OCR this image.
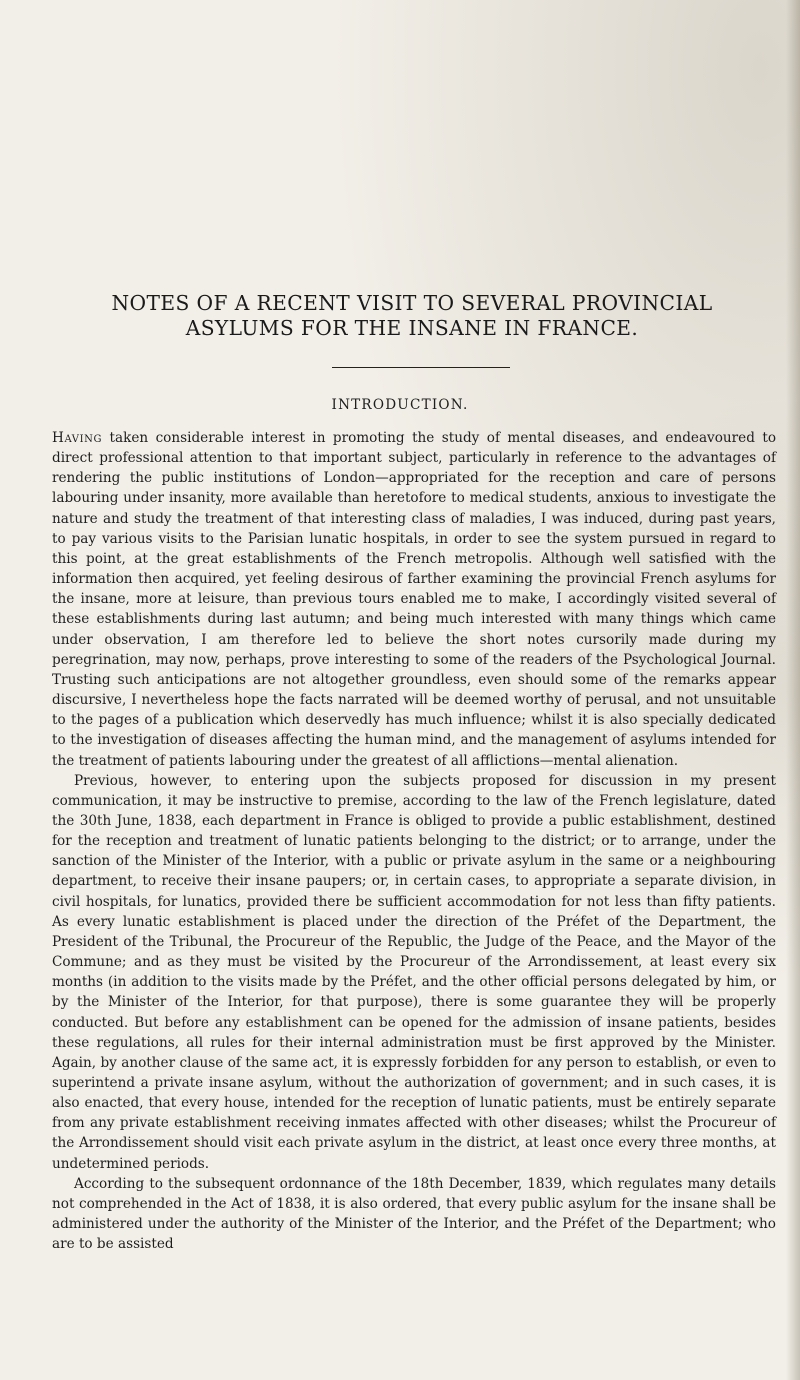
NOTES OF A RECENT VISIT TO SEVERAL PROVINCIAL
ASYLUMS FOR THE INSANE IN FRANCE.
INTRODUCTION.

Having taken considerable interest in promoting the study of mental diseases, and endeavoured to direct professional attention to that important subject, particularly in reference to the advantages of rendering the public institutions of London—appropriated for the reception and care of persons labouring under insanity, more available than heretofore to medical students, anxious to investigate the nature and study the treatment of that interesting class of maladies, I was induced, during past years, to pay various visits to the Parisian lunatic hospitals, in order to see the system pursued in regard to this point, at the great establishments of the French metropolis. Although well satisfied with the information then acquired, yet feeling desirous of farther examining the provincial French asylums for the insane, more at leisure, than previous tours enabled me to make, I accordingly visited several of these establishments during last autumn; and being much interested with many things which came under observation, I am therefore led to believe the short notes cursorily made during my peregrination, may now, perhaps, prove interesting to some of the readers of the Psychological Journal. Trusting such anticipations are not altogether groundless, even should some of the remarks appear discursive, I nevertheless hope the facts narrated will be deemed worthy of perusal, and not unsuitable to the pages of a publication which deservedly has much influence; whilst it is also specially dedicated to the investigation of diseases affecting the human mind, and the management of asylums intended for the treatment of patients labouring under the greatest of all afflictions—mental alienation.

Previous, however, to entering upon the subjects proposed for discussion in my present communication, it may be instructive to premise, according to the law of the French legislature, dated the 30th June, 1838, each department in France is obliged to provide a public establishment, destined for the reception and treatment of lunatic patients belonging to the district; or to arrange, under the sanction of the Minister of the Interior, with a public or private asylum in the same or a neighbouring department, to receive their insane paupers; or, in certain cases, to appropriate a separate division, in civil hospitals, for lunatics, provided there be sufficient accommodation for not less than fifty patients. As every lunatic establishment is placed under the direction of the Préfet of the Department, the President of the Tribunal, the Procureur of the Republic, the Judge of the Peace, and the Mayor of the Commune; and as they must be visited by the Procureur of the Arrondissement, at least every six months (in addition to the visits made by the Préfet, and the other official persons delegated by him, or by the Minister of the Interior, for that purpose), there is some guarantee they will be properly conducted. But before any establishment can be opened for the admission of insane patients, besides these regulations, all rules for their internal administration must be first approved by the Minister. Again, by another clause of the same act, it is expressly forbidden for any person to establish, or even to superintend a private insane asylum, without the authorization of government; and in such cases, it is also enacted, that every house, intended for the reception of lunatic patients, must be entirely separate from any private establishment receiving inmates affected with other diseases; whilst the Procureur of the Arrondissement should visit each private asylum in the district, at least once every three months, at undetermined periods.

According to the subsequent ordonnance of the 18th December, 1839, which regulates many details not comprehended in the Act of 1838, it is also ordered, that every public asylum for the insane shall be administered under the authority of the Minister of the Interior, and the Préfet of the Department; who are to be assisted
